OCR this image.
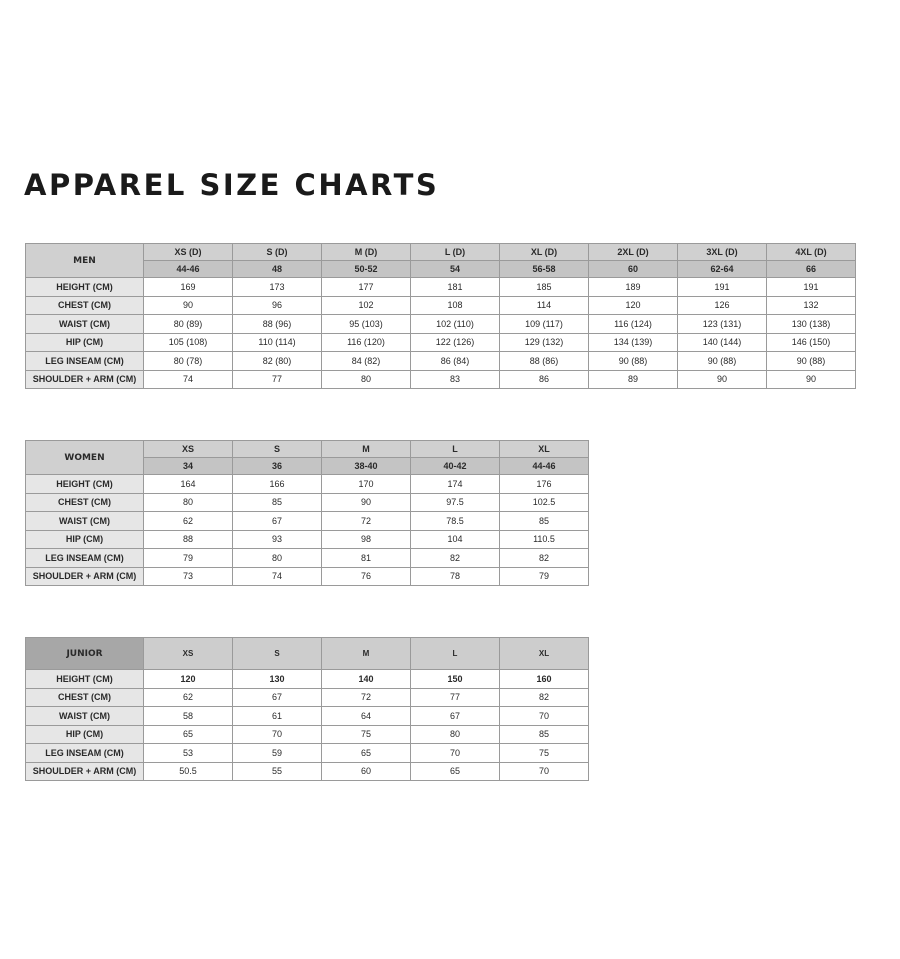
APPAREL SIZE CHARTS
MEN	XS (D)	S (D)	M (D)	L (D)	XL (D)	2XL (D)	3XL (D)	4XL (D)
	44-46	48	50-52	54	56-58	60	62-64	66
HEIGHT (CM)	169	173	177	181	185	189	191	191
CHEST (CM)	90	96	102	108	114	120	126	132
WAIST (CM)	80 (89)	88 (96)	95 (103)	102 (110)	109 (117)	116 (124)	123 (131)	130 (138)
HIP (CM)	105 (108)	110 (114)	116 (120)	122 (126)	129 (132)	134 (139)	140 (144)	146 (150)
LEG INSEAM (CM)	80 (78)	82 (80)	84 (82)	86 (84)	88 (86)	90 (88)	90 (88)	90 (88)
SHOULDER + ARM (CM)	74	77	80	83	86	89	90	90
WOMEN	XS	S	M	L	XL
	34	36	38-40	40-42	44-46
HEIGHT (CM)	164	166	170	174	176
CHEST (CM)	80	85	90	97.5	102.5
WAIST (CM)	62	67	72	78.5	85
HIP (CM)	88	93	98	104	110.5
LEG INSEAM (CM)	79	80	81	82	82
SHOULDER + ARM (CM)	73	74	76	78	79
JUNIOR	XS	S	M	L	XL
HEIGHT (CM)	120	130	140	150	160
CHEST (CM)	62	67	72	77	82
WAIST (CM)	58	61	64	67	70
HIP (CM)	65	70	75	80	85
LEG INSEAM (CM)	53	59	65	70	75
SHOULDER + ARM (CM)	50.5	55	60	65	70
